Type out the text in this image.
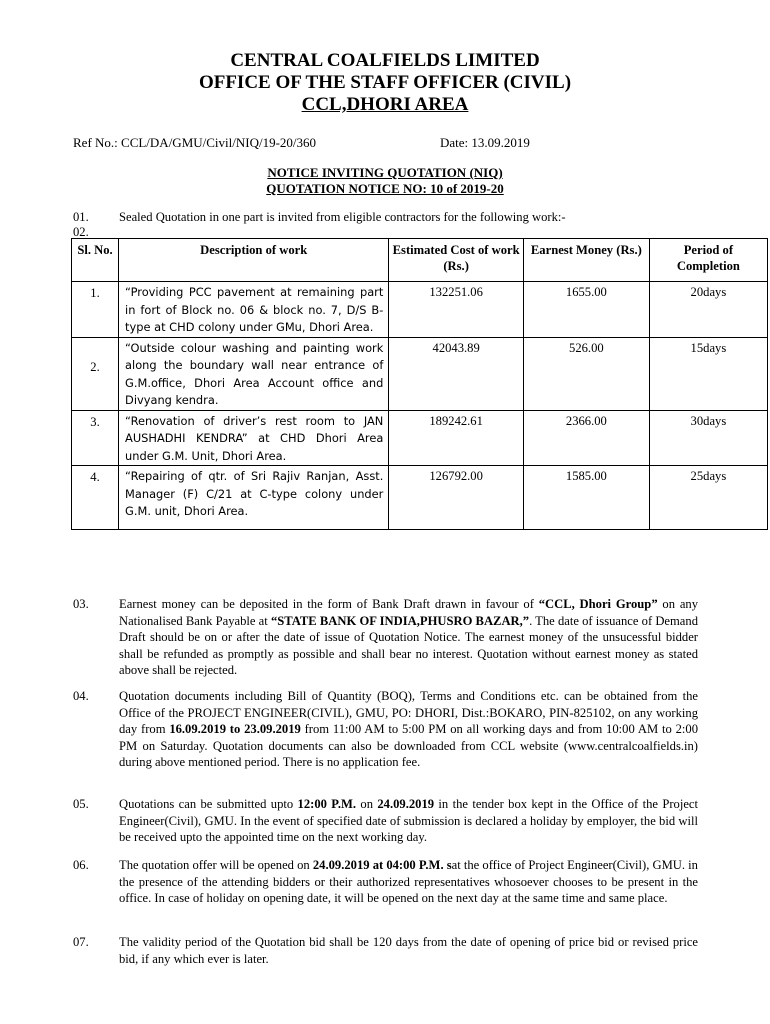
CENTRAL COALFIELDS LIMITED
OFFICE OF THE STAFF OFFICER (CIVIL)
CCL,DHORI AREA
Ref No.: CCL/DA/GMU/Civil/NIQ/19-20/360	Date: 13.09.2019
NOTICE INVITING QUOTATION (NIQ)
QUOTATION NOTICE NO: 10 of 2019-20
01. Sealed Quotation in one part is invited from eligible contractors for the following work:-
02.
Sl. No.	Description of work	Estimated Cost of work (Rs.)	Earnest Money (Rs.)	Period of Completion
1.	“Providing PCC pavement at remaining part in fort of Block no. 06 & block no. 7, D/S B-type at CHD colony under GMu, Dhori Area.	132251.06	1655.00	20days
2.	“Outside colour washing and painting work along the boundary wall near entrance of G.M.office, Dhori Area Account office and Divyang kendra.	42043.89	526.00	15days
3.	“Renovation of driver’s rest room to JAN AUSHADHI KENDRA” at CHD Dhori Area under G.M. Unit, Dhori Area.	189242.61	2366.00	30days
4.	“Repairing of qtr. of Sri Rajiv Ranjan, Asst. Manager (F) C/21 at C-type colony under G.M. unit, Dhori Area.	126792.00	1585.00	25days
03. Earnest money can be deposited in the form of Bank Draft drawn in favour of “CCL, Dhori Group” on any Nationalised Bank Payable at “STATE BANK OF INDIA,PHUSRO BAZAR,”. The date of issuance of Demand Draft should be on or after the date of issue of Quotation Notice. The earnest money of the unsucessful bidder shall be refunded as promptly as possible and shall bear no interest. Quotation without earnest money as stated above shall be rejected.
04. Quotation documents including Bill of Quantity (BOQ), Terms and Conditions etc. can be obtained from the Office of the PROJECT ENGINEER(CIVIL), GMU, PO: DHORI, Dist.:BOKARO, PIN-825102, on any working day from 16.09.2019 to 23.09.2019 from 11:00 AM to 5:00 PM on all working days and from 10:00 AM to 2:00 PM on Saturday. Quotation documents can also be downloaded from CCL website (www.centralcoalfields.in) during above mentioned period. There is no application fee.
05. Quotations can be submitted upto 12:00 P.M. on 24.09.2019 in the tender box kept in the Office of the Project Engineer(Civil), GMU. In the event of specified date of submission is declared a holiday by employer, the bid will be received upto the appointed time on the next working day.
06. The quotation offer will be opened on 24.09.2019 at 04:00 P.M. sat the office of Project Engineer(Civil), GMU. in the presence of the attending bidders or their authorized representatives whosoever chooses to be present in the office. In case of holiday on opening date, it will be opened on the next day at the same time and same place.
07. The validity period of the Quotation bid shall be 120 days from the date of opening of price bid or revised price bid, if any which ever is later.
